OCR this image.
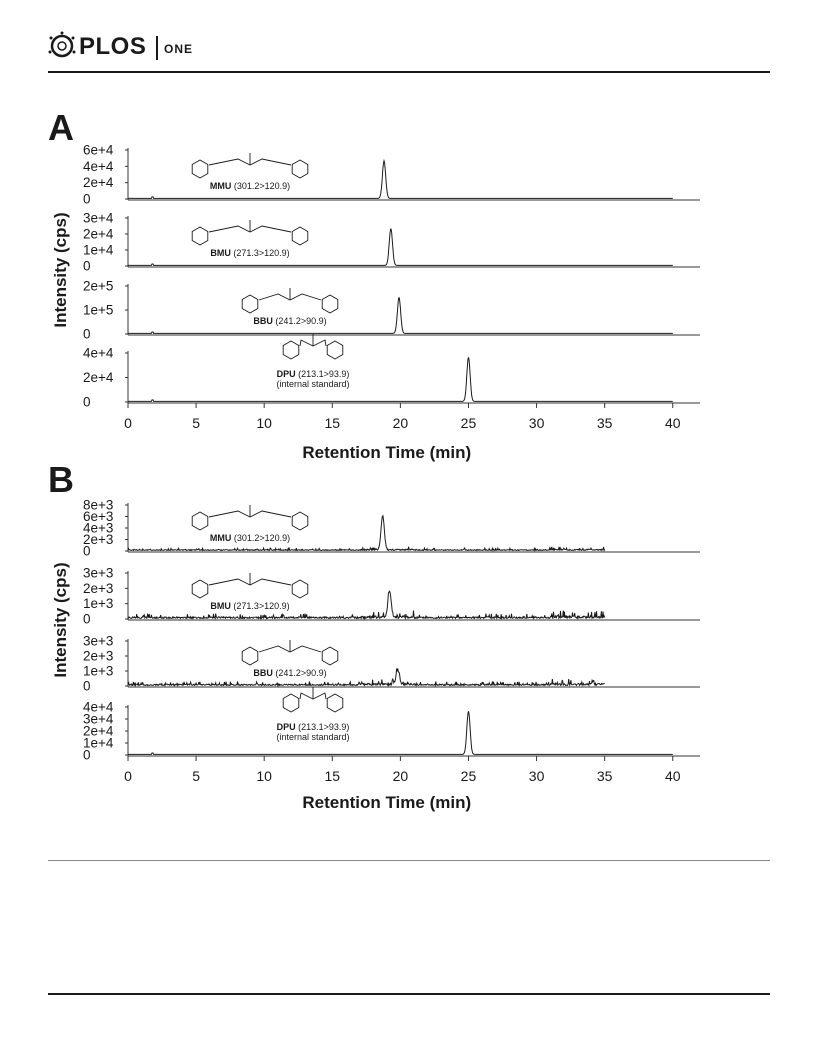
PLOS ONE
A
Intensity (cps)
0
2e+4
4e+4
6e+4
MMU (301.2>120.9)
0
1e+4
2e+4
3e+4
BMU (271.3>120.9)
0
1e+5
2e+5
BBU (241.2>90.9)
0
2e+4
4e+4
DPU (213.1>93.9)
(internal standard)
0	5	10	15	20	25	30	35	40
Retention Time (min)
B
Intensity (cps)
0
2e+3
4e+3
6e+3
8e+3
MMU (301.2>120.9)
0
1e+3
2e+3
3e+3
BMU (271.3>120.9)
0
1e+3
2e+3
3e+3
BBU (241.2>90.9)
0
1e+4
2e+4
3e+4
4e+4
DPU (213.1>93.9)
(internal standard)
0	5	10	15	20	25	30	35	40
Retention Time (min)
